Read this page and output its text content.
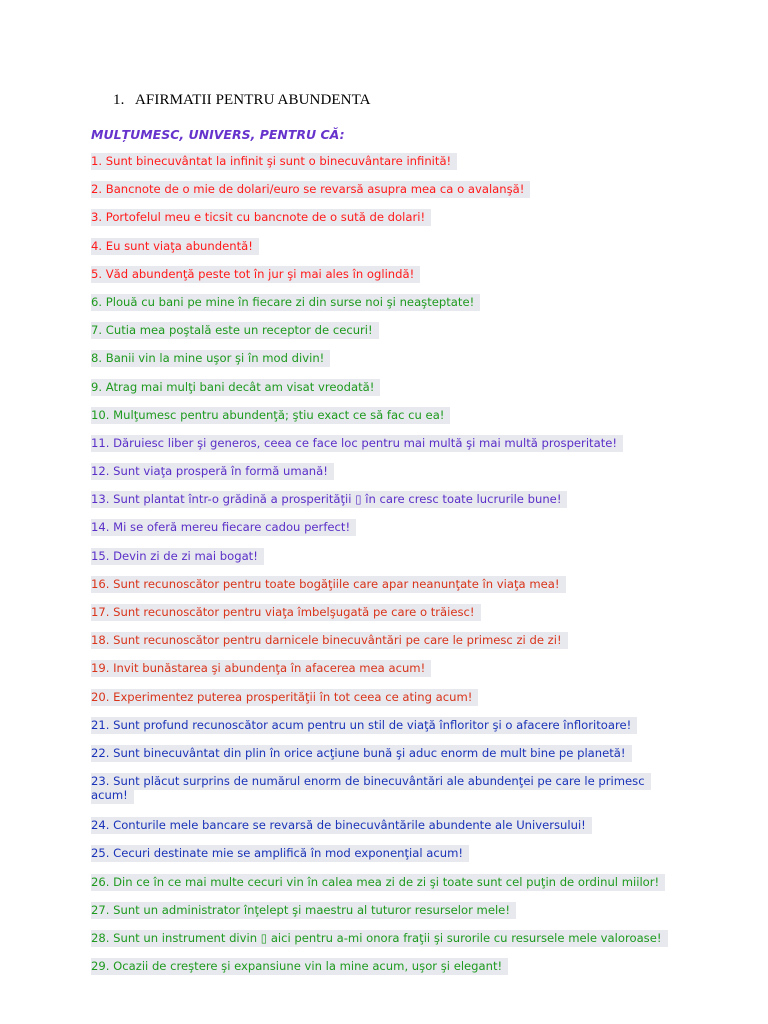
1. AFIRMATII PENTRU ABUNDENTA
MULȚUMESC, UNIVERS, PENTRU CĂ:

1. Sunt binecuvântat la infinit şi sunt o binecuvântare infinită!

2. Bancnote de o mie de dolari/euro se revarsă asupra mea ca o avalanşă!

3. Portofelul meu e ticsit cu bancnote de o sută de dolari!

4. Eu sunt viaţa abundentă!

5. Văd abundenţă peste tot în jur şi mai ales în oglindă!

6. Plouă cu bani pe mine în fiecare zi din surse noi şi neaşteptate!

7. Cutia mea poştală este un receptor de cecuri!

8. Banii vin la mine uşor şi în mod divin!

9. Atrag mai mulţi bani decât am visat vreodată!

10. Mulţumesc pentru abundenţă; ştiu exact ce să fac cu ea!

11. Dăruiesc liber şi generos, ceea ce face loc pentru mai multă şi mai multă prosperitate!

12. Sunt viaţa prosperă în formă umană!

13. Sunt plantat într-o grădină a prosperităţii ▯ în care cresc toate lucrurile bune!

14. Mi se oferă mereu fiecare cadou perfect!

15. Devin zi de zi mai bogat!

16. Sunt recunoscător pentru toate bogăţiile care apar neanunţate în viaţa mea!

17. Sunt recunoscător pentru viaţa îmbelşugată pe care o trăiesc!

18. Sunt recunoscător pentru darnicele binecuvântări pe care le primesc zi de zi!

19. Invit bunăstarea şi abundenţa în afacerea mea acum!

20. Experimentez puterea prosperităţii în tot ceea ce ating acum!

21. Sunt profund recunoscător acum pentru un stil de viaţă înfloritor şi o afacere înfloritoare!

22. Sunt binecuvântat din plin în orice acţiune bună şi aduc enorm de mult bine pe planetă!

23. Sunt plăcut surprins de numărul enorm de binecuvântări ale abundenţei pe care le primesc acum!

24. Conturile mele bancare se revarsă de binecuvântările abundente ale Universului!

25. Cecuri destinate mie se amplifică în mod exponenţial acum!

26. Din ce în ce mai multe cecuri vin în calea mea zi de zi şi toate sunt cel puţin de ordinul miilor!

27. Sunt un administrator înţelept şi maestru al tuturor resurselor mele!

28. Sunt un instrument divin ▯ aici pentru a-mi onora fraţii şi surorile cu resursele mele valoroase!

29. Ocazii de creştere şi expansiune vin la mine acum, uşor şi elegant!
